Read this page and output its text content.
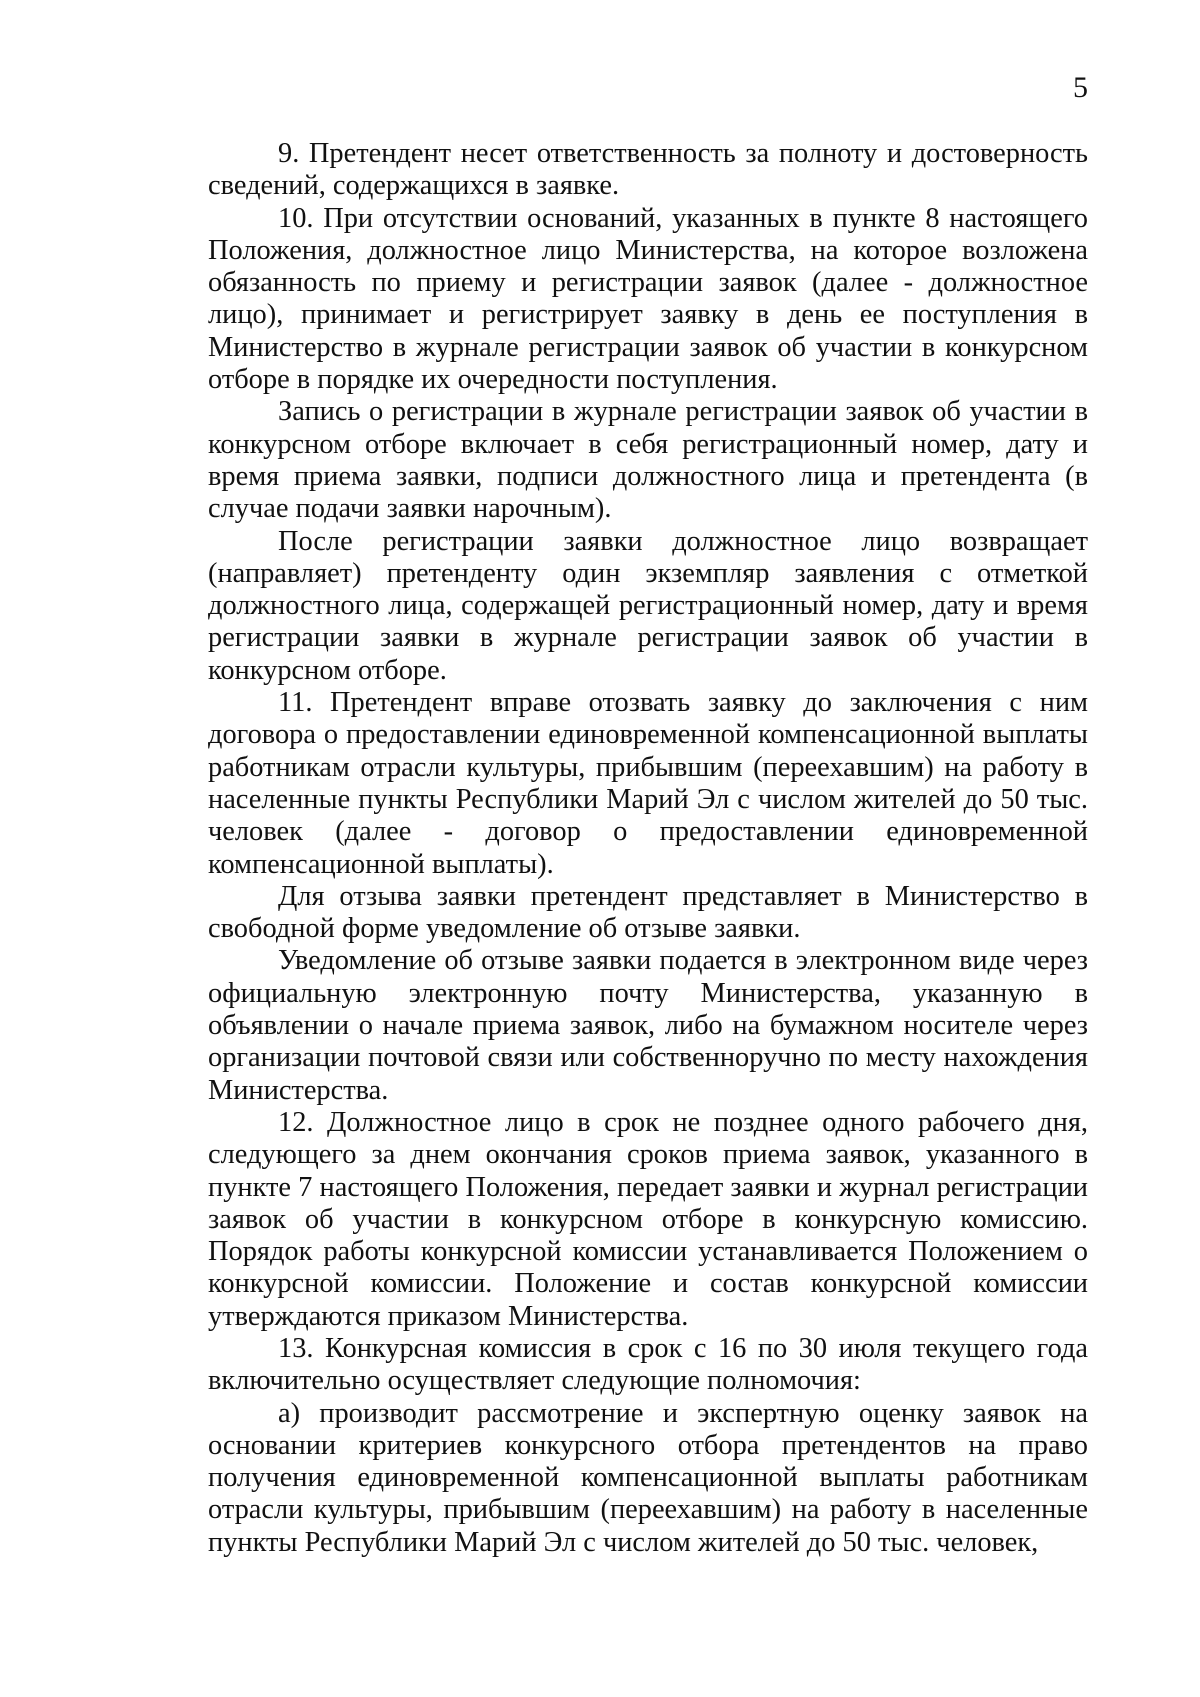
5

9. Претендент несет ответственность за полноту и достоверность сведений, содержащихся в заявке.

10. При отсутствии оснований, указанных в пункте 8 настоящего Положения, должностное лицо Министерства, на которое возложена обязанность по приему и регистрации заявок (далее - должностное лицо), принимает и регистрирует заявку в день ее поступления в Министерство в журнале регистрации заявок об участии в конкурсном отборе в порядке их очередности поступления.

Запись о регистрации в журнале регистрации заявок об участии в конкурсном отборе включает в себя регистрационный номер, дату и время приема заявки, подписи должностного лица и претендента (в случае подачи заявки нарочным).

После регистрации заявки должностное лицо возвращает (направляет) претенденту один экземпляр заявления с отметкой должностного лица, содержащей регистрационный номер, дату и время регистрации заявки в журнале регистрации заявок об участии в конкурсном отборе.

11. Претендент вправе отозвать заявку до заключения с ним договора о предоставлении единовременной компенсационной выплаты работникам отрасли культуры, прибывшим (переехавшим) на работу в населенные пункты Республики Марий Эл с числом жителей до 50 тыс. человек (далее - договор о предоставлении единовременной компенсационной выплаты).

Для отзыва заявки претендент представляет в Министерство в свободной форме уведомление об отзыве заявки.

Уведомление об отзыве заявки подается в электронном виде через официальную электронную почту Министерства, указанную в объявлении о начале приема заявок, либо на бумажном носителе через организации почтовой связи или собственноручно по месту нахождения Министерства.

12. Должностное лицо в срок не позднее одного рабочего дня, следующего за днем окончания сроков приема заявок, указанного в пункте 7 настоящего Положения, передает заявки и журнал регистрации заявок об участии в конкурсном отборе в конкурсную комиссию. Порядок работы конкурсной комиссии устанавливается Положением о конкурсной комиссии. Положение и состав конкурсной комиссии утверждаются приказом Министерства.

13. Конкурсная комиссия в срок с 16 по 30 июля текущего года включительно осуществляет следующие полномочия:

а) производит рассмотрение и экспертную оценку заявок на основании критериев конкурсного отбора претендентов на право получения единовременной компенсационной выплаты работникам отрасли культуры, прибывшим (переехавшим) на работу в населенные пункты Республики Марий Эл с числом жителей до 50 тыс. человек,
